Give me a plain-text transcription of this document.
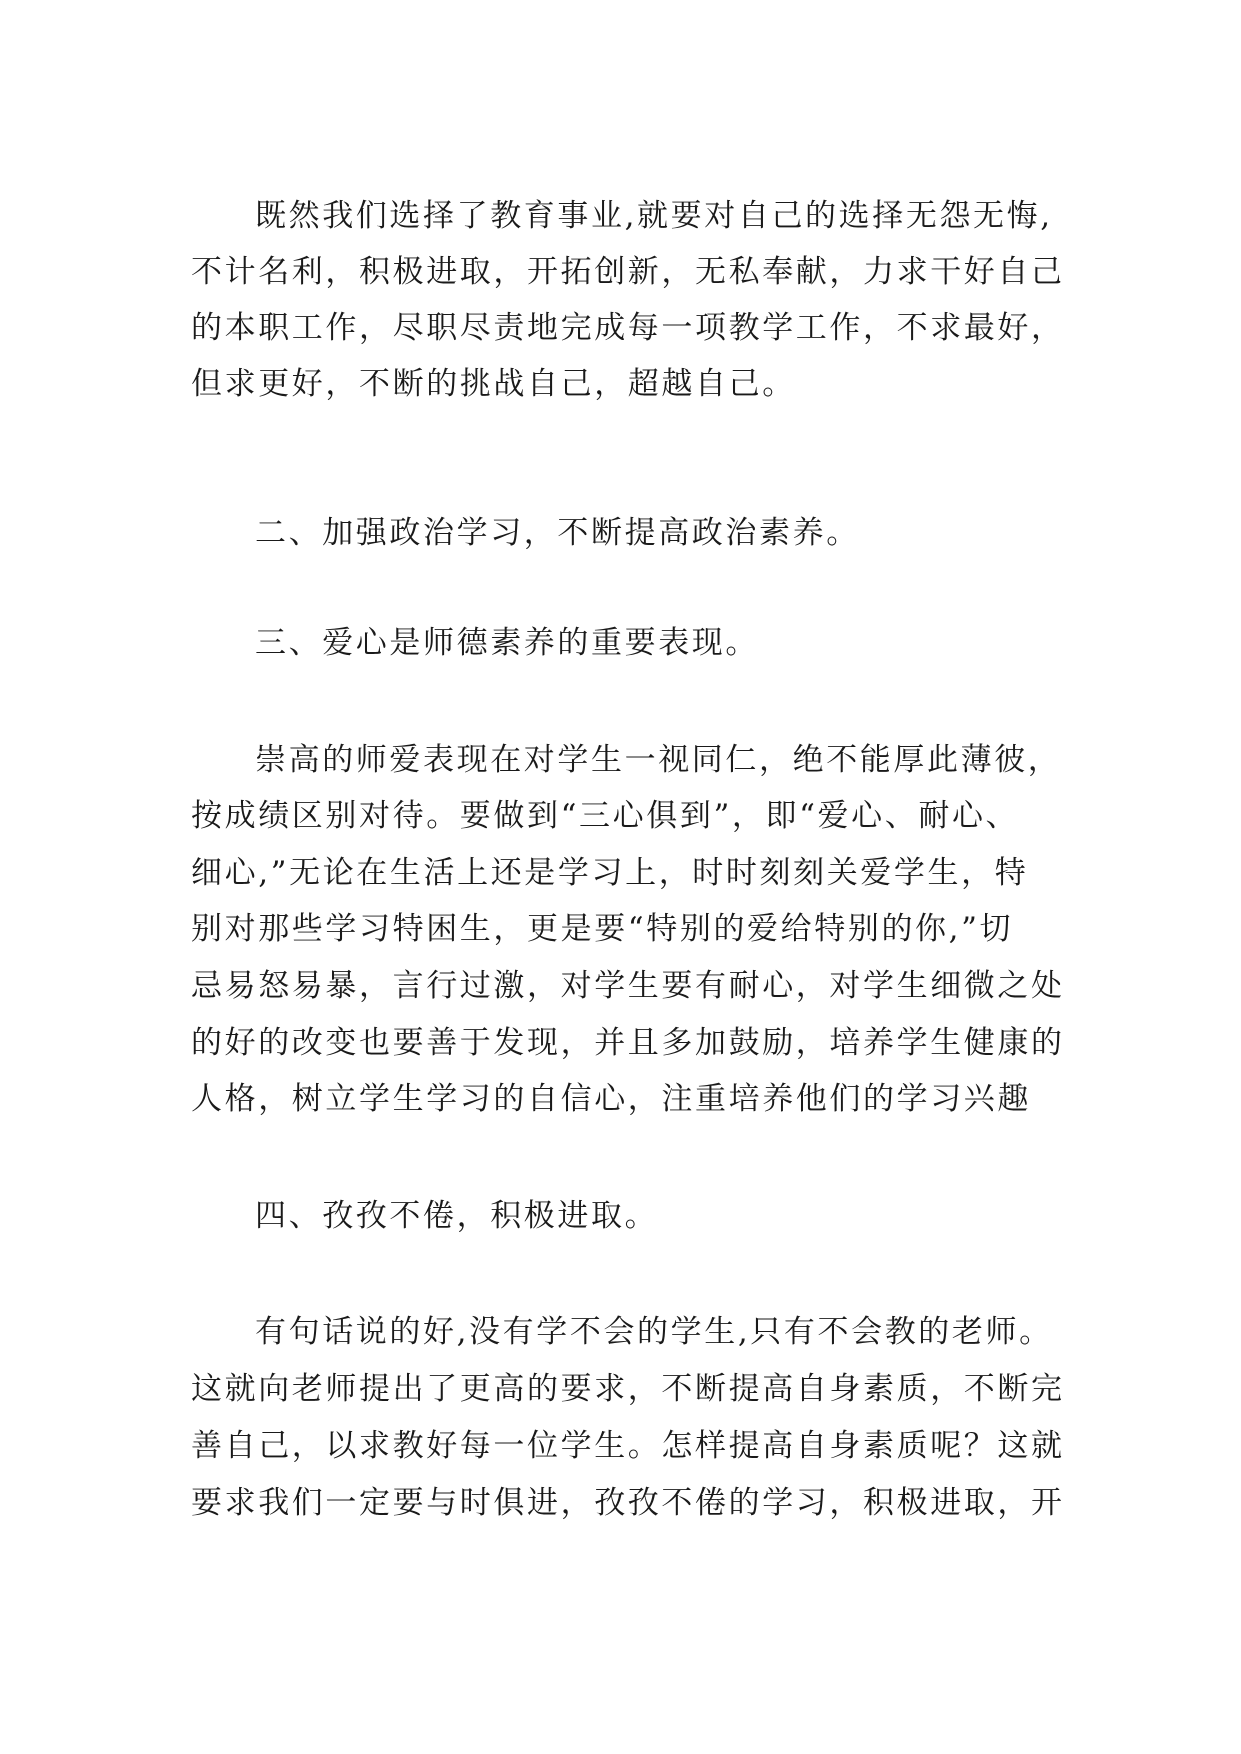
既然我们选择了教育事业,就要对自己的选择无怨无悔,
不计名利，积极进取，开拓创新，无私奉献，力求干好自己
的本职工作，尽职尽责地完成每一项教学工作，不求最好，
但求更好，不断的挑战自己，超越自己。
二、加强政治学习，不断提高政治素养。
三、爱心是师德素养的重要表现。
崇高的师爱表现在对学生一视同仁，绝不能厚此薄彼，
按成绩区别对待。要做到“三心俱到”，即“爱心、耐心、
细心,”无论在生活上还是学习上，时时刻刻关爱学生，特
别对那些学习特困生，更是要“特别的爱给特别的你,”切
忌易怒易暴，言行过激，对学生要有耐心，对学生细微之处
的好的改变也要善于发现，并且多加鼓励，培养学生健康的
人格，树立学生学习的自信心，注重培养他们的学习兴趣
四、孜孜不倦，积极进取。
有句话说的好,没有学不会的学生,只有不会教的老师。
这就向老师提出了更高的要求，不断提高自身素质，不断完
善自己，以求教好每一位学生。怎样提高自身素质呢？这就
要求我们一定要与时俱进，孜孜不倦的学习，积极进取，开
